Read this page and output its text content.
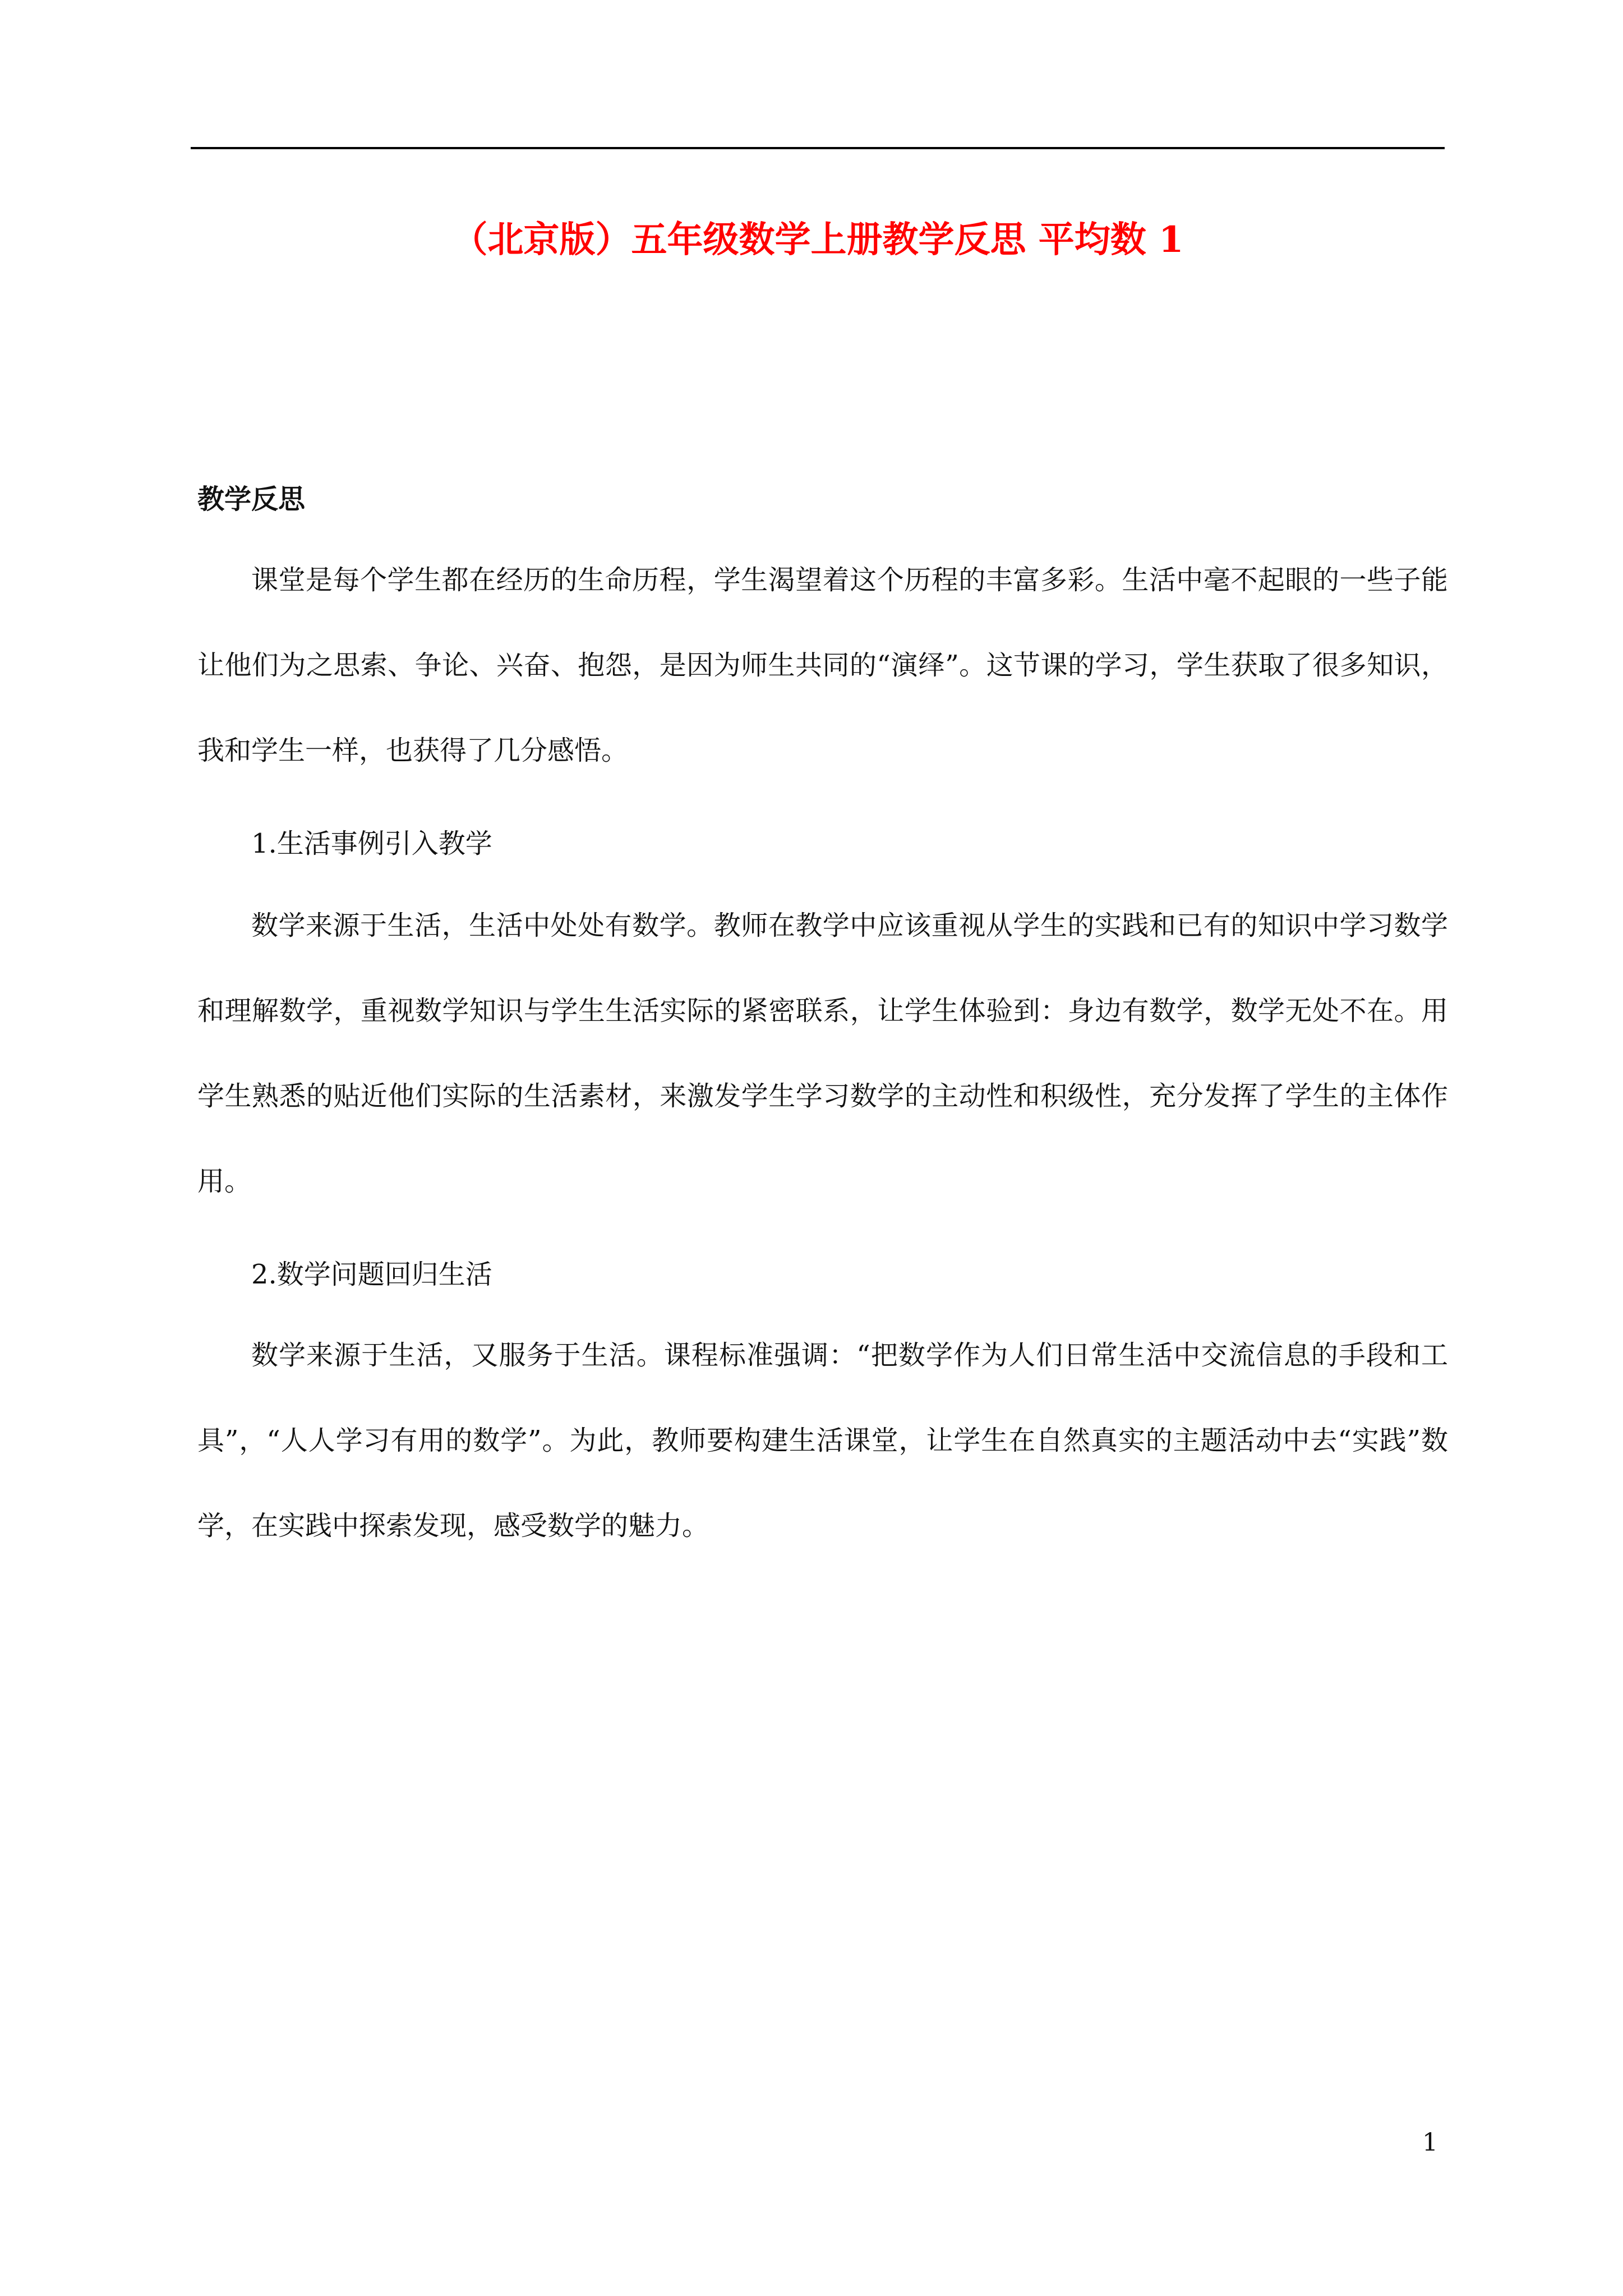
（北京版）五年级数学上册教学反思 平均数 1
教学反思

课堂是每个学生都在经历的生命历程，学生渴望着这个历程的丰富多彩。生活中毫不起眼的一些子能让他们为之思索、争论、兴奋、抱怨，是因为师生共同的“演绎”。这节课的学习，学生获取了很多知识，我和学生一样，也获得了几分感悟。

1.生活事例引入教学

数学来源于生活，生活中处处有数学。教师在教学中应该重视从学生的实践和已有的知识中学习数学和理解数学，重视数学知识与学生生活实际的紧密联系，让学生体验到：身边有数学，数学无处不在。用学生熟悉的贴近他们实际的生活素材，来激发学生学习数学的主动性和积级性，充分发挥了学生的主体作用。

2.数学问题回归生活

数学来源于生活，又服务于生活。课程标准强调：“把数学作为人们日常生活中交流信息的手段和工具”，“人人学习有用的数学”。为此，教师要构建生活课堂，让学生在自然真实的主题活动中去“实践”数学，在实践中探索发现，感受数学的魅力。

1
